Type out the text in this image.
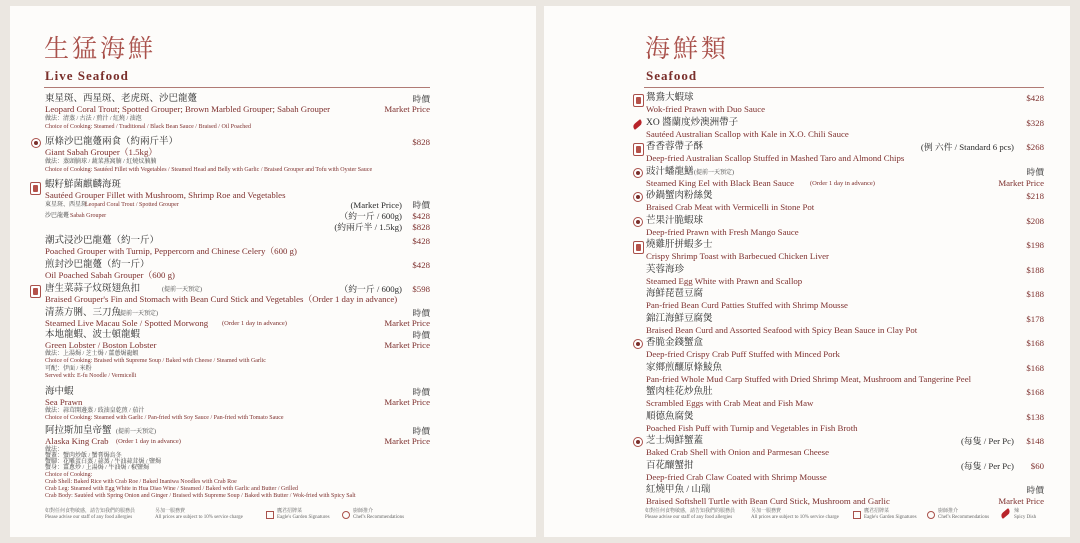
生猛海鮮
Live Seafood
東星斑、西星斑、老虎斑、沙巴龍躉
Leopard Coral Trout; Spotted Grouper; Brown Marbled Grouper; Sabah Grouper
做法：清蒸 / 古法 / 煎汁 / 紅燒 / 油泡
Choice of Cooking: Steamed / Traditional / Black Bean Sauce / Braised / Oil Poached
時價
Market Price
原條沙巴龍躉兩食（約兩斤半）
Giant Sabah Grouper（1.5kg）
做法：蒸頭腩球 / 蔬菜燕窩腩 / 紅燒炆腩腩
Choice of Cooking: Sautéed Fillet with Vegetables / Steamed Head and Belly with Garlic / Braised Grouper and Tofu with Oyster Sauce
$828
蝦籽鮮菌麒麟海斑
Sautéed Grouper Fillet with Mushroom, Shrimp Roe and Vegetables
東星斑、西星斑
Leopard Coral Trout / Spotted Grouper
沙巴龍躉 Sabah Grouper
(Market Price) 時價
（約一斤 / 600g) $428
(約兩斤半 / 1.5kg) $828
潮式浸沙巴龍躉（約一斤）
Poached Grouper with Turnip, Peppercorn and Chinese Celery（600 g)
$428
煎封沙巴龍躉（約一斤）
Oil Poached Sabah Grouper（600 g)
$428
唐生菜蒜子炆斑翅魚扣	(提前一天預定)
Braised Grouper's Fin and Stomach with Bean Curd Stick and Vegetables（Order 1 day in advance)
（約一斤 / 600g) $598
清蒸方脷、三刀魚
(提前一天預定)
Steamed Live Macau Sole / Spotted Morwong (Order 1 day in advance)
時價
Market Price
本地龍蝦、波士頓龍蝦
Green Lobster / Boston Lobster
做法：上湯焗 / 芝士焗 / 薑蔥焗龍蝦
Choice of Cooking: Braised with Supreme Soup / Baked with Cheese / Steamed with Garlic
可配：伊面 / 米粉
Served with: E-fu Noodle / Vermicelli
時價
Market Price
海中蝦
Sea Prawn
做法：蒜茸開邊蒸 / 豉油皇乾煎 / 茄汁
Choice of Cooking: Steamed with Garlic / Pan-fried with Soy Sauce / Pan-fried with Tomato Sauce
時價
Market Price
阿拉斯加皇帝蟹 (提前一天預定)
Alaska King Crab (Order 1 day in advance)
做法：
蟹蓋：蟹肉炒飯 / 蟹膏焗烏冬
蟹腳：花雕蛋白蒸 / 蒜蒸 / 牛油蒜茸焗 / 鹽焗
蟹身：薑蔥炒 / 上湯焗 / 牛油焗 / 椒鹽焗
Choice of Cooking:
Crab Shell: Baked Rice with Crab Roe / Baked Inaniwa Noodles with Crab Roe
Crab Leg: Steamed with Egg White in Hua Diao Wine / Steamed / Baked with Garlic and Butter / Grilled
Crab Body: Sautéed with Spring Onion and Ginger / Braised with Supreme Soup / Baked with Butter / Wok-fried with Spicy Salt
時價
Market Price
如對任何食物敏感，請告知我們的服務員
Please advise our staff of any food allergies
另加一服務費
All prices are subject to 10% service charge
鷹君招牌菜
Eagle's Garden Signatures
廚師推介
Chef's Recommendations
海鮮類
Seafood
鴛鴦大蝦球
Wok-fried Prawn with Duo Sauce
$428
XO 醬蘭度炒澳洲帶子
Sautéed Australian Scallop with Kale in X.O. Chili Sauce
$328
香香蓉帶子酥
Deep-fried Australian Scallop Stuffed in Mashed Taro and Almond Chips
$268
(例 六件 / Standard 6 pcs)
豉汁蟠龍鱔 (提前一天預定)
Steamed King Eel with Black Bean Sauce (Order 1 day in advance)
時價
Market Price
砂鍋蟹肉粉絲煲
Braised Crab Meat with Vermicelli in Stone Pot
$218
芒果汁脆蝦球
Deep-fried Prawn with Fresh Mango Sauce
$208
燒雞肝拼蝦多士
Crispy Shrimp Toast with Barbecued Chicken Liver
$198
芙蓉海珍
Steamed Egg White with Prawn and Scallop
$188
海鮮琵琶豆腐
Pan-fried Bean Curd Patties Stuffed with Shrimp Mousse
$188
錦江海鮮豆腐煲
Braised Bean Curd and Assorted Seafood with Spicy Bean Sauce in Clay Pot
$178
香脆金錢蟹盒
Deep-fried Crispy Crab Puff Stuffed with Minced Pork
$168
家鄉煎釀原條鯪魚
Pan-fried Whole Mud Carp Stuffed with Dried Shrimp Meat, Mushroom and Tangerine Peel
$168
蟹肉桂花炒魚肚
Scrambled Eggs with Crab Meat and Fish Maw
$168
順德魚腐煲
Poached Fish Puff with Turnip and Vegetables in Fish Broth
$138
芝士焗鮮蟹蓋
Baked Crab Shell with Onion and Parmesan Cheese
$148
(每隻 / Per Pc)
百花釀蟹拑
Deep-fried Crab Claw Coated with Shrimp Mousse
$60
(每隻 / Per Pc)
紅燒甲魚 / 山瑞
Braised Softshell Turtle with Bean Curd Stick, Mushroom and Garlic
時價
Market Price
如對任何食物敏感，請告知我們的服務員
Please advise our staff of any food allergies
另加一服務費
All prices are subject to 10% service charge
鷹君招牌菜
Eagle's Garden Signatures
廚師推介
Chef's Recommendations
辣
Spicy Dish
